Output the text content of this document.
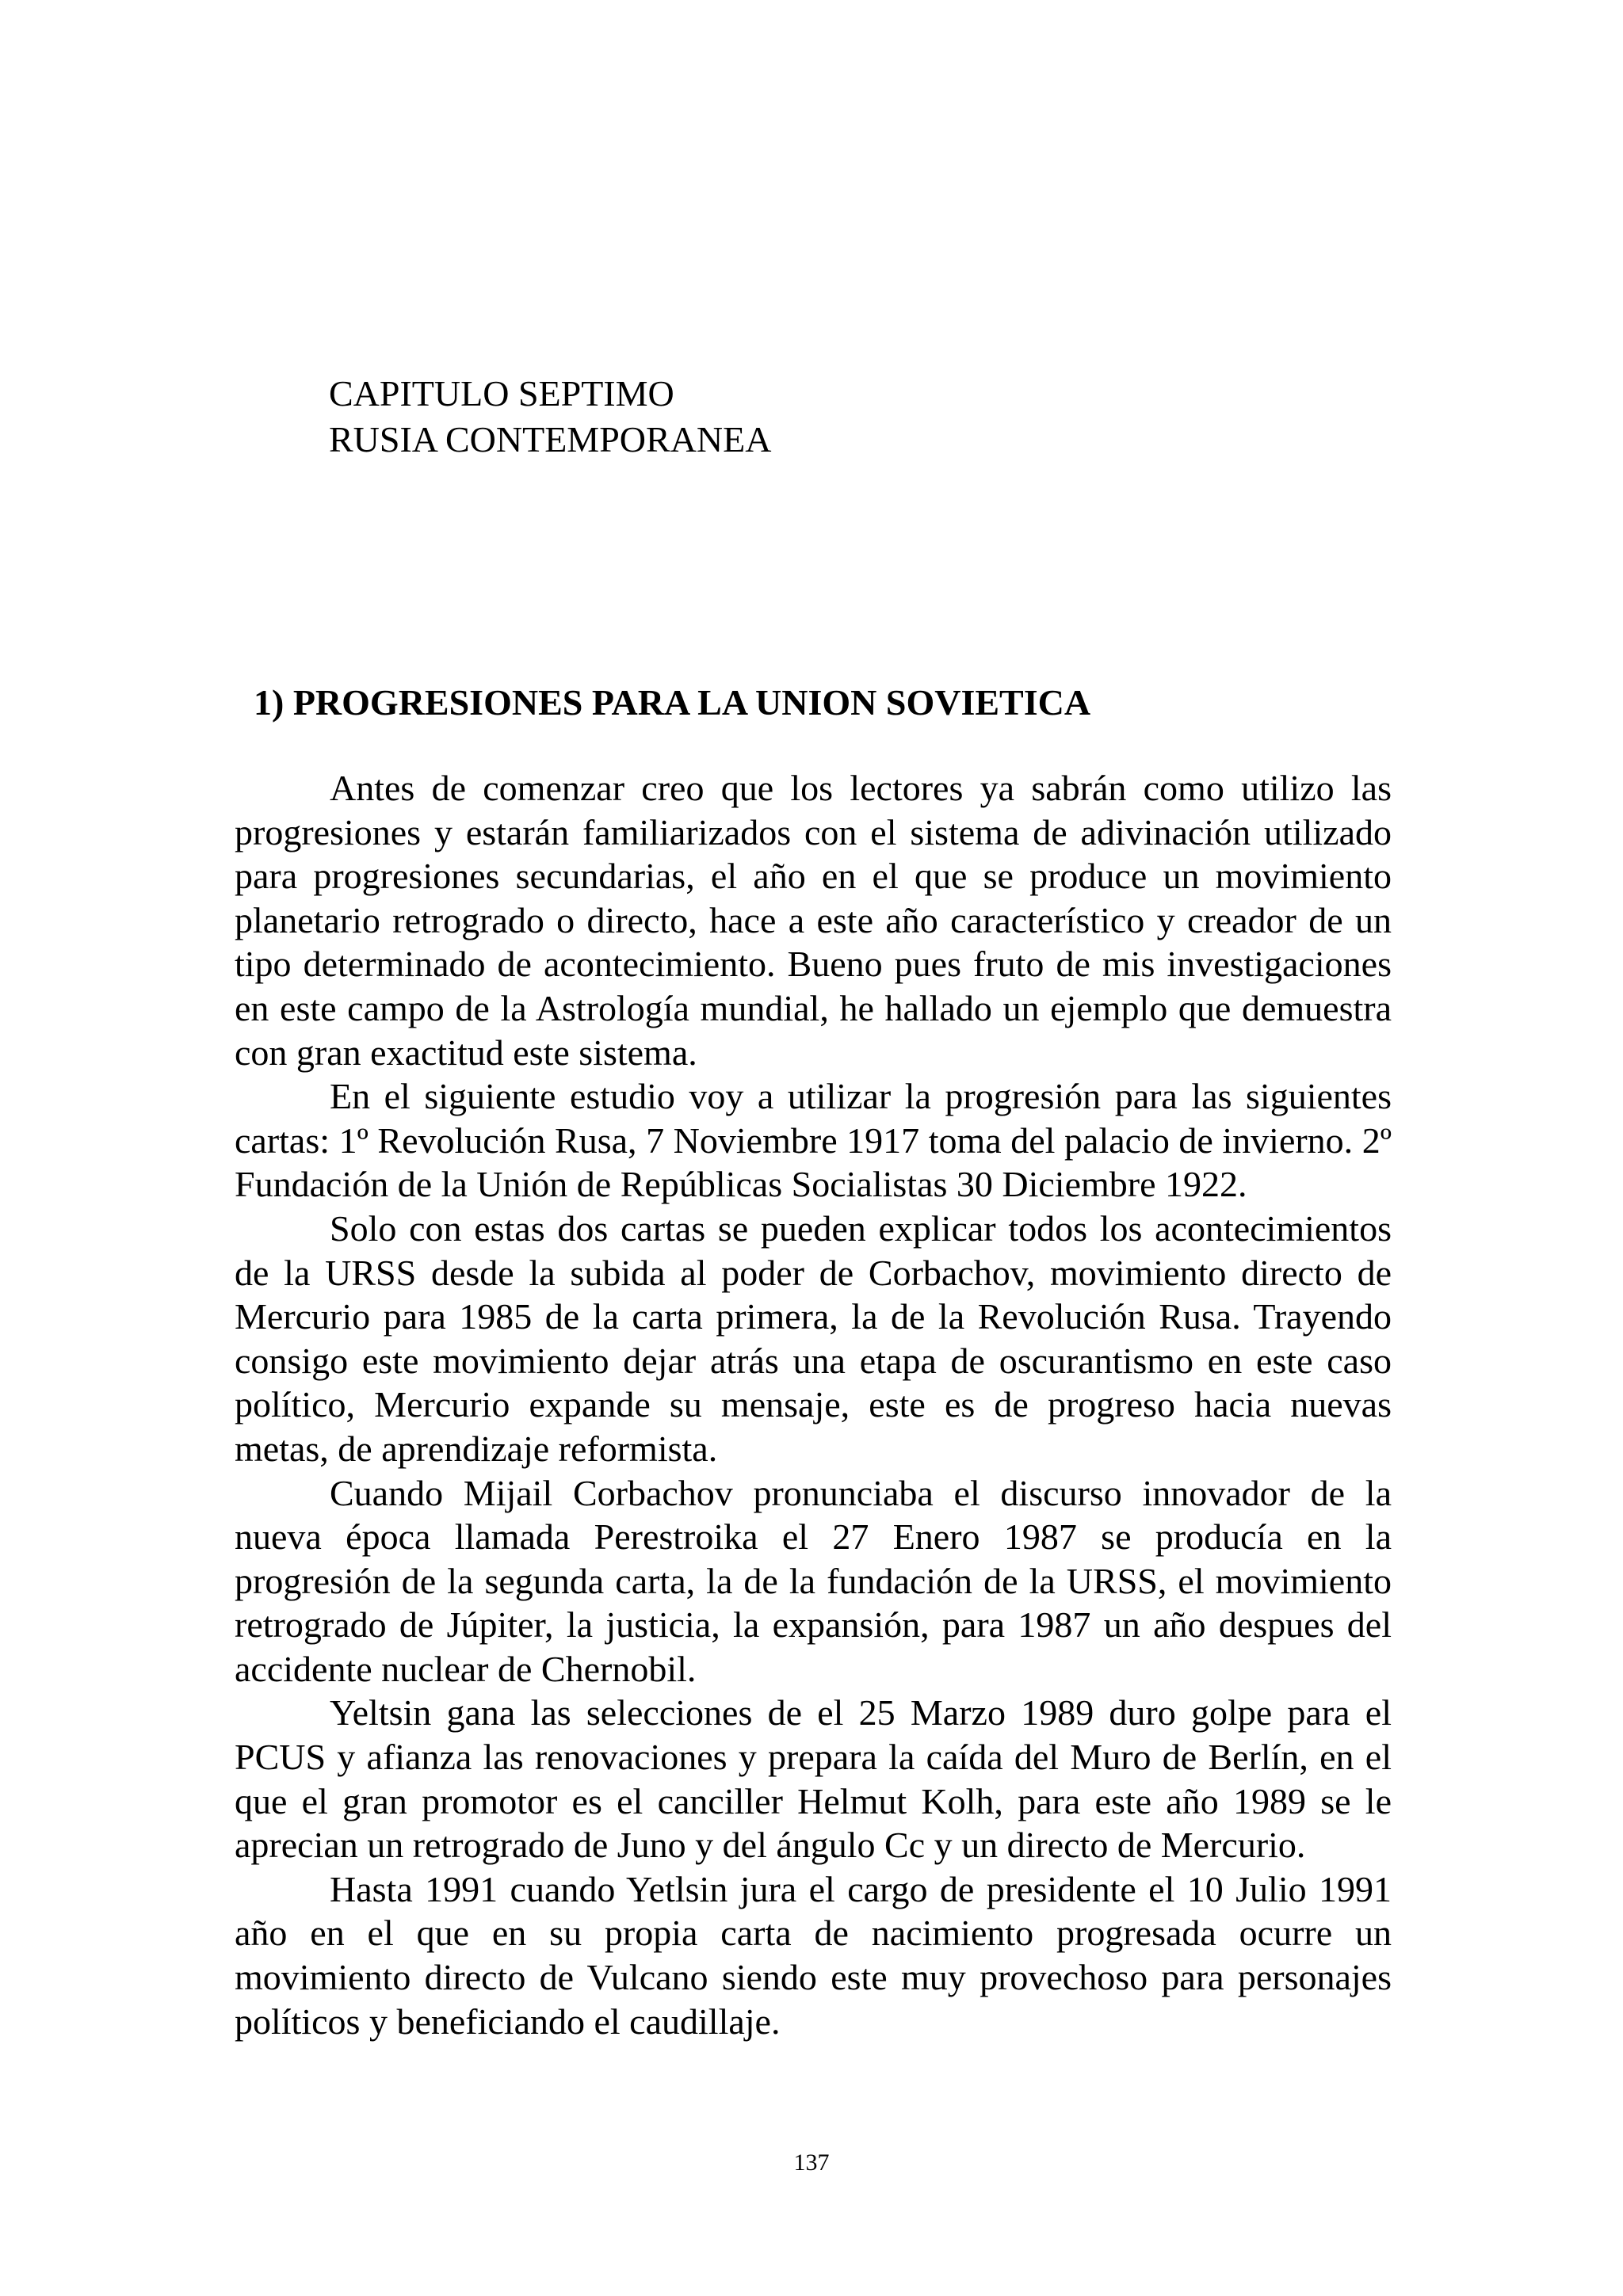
CAPITULO SEPTIMO
RUSIA CONTEMPORANEA
1) PROGRESIONES PARA LA UNION SOVIETICA

Antes de comenzar creo que los lectores ya sabrán como utilizo las progresiones y estarán familiarizados con el sistema de adivinación utilizado para progresiones secundarias, el año en el que se produce un movimiento planetario retrogrado o directo, hace a este año característico y creador de un tipo determinado de acontecimiento. Bueno pues fruto de mis investigaciones en este campo de la Astrología mundial, he hallado un ejemplo que demuestra con gran exactitud este sistema.

En el siguiente estudio voy a utilizar la progresión para las siguientes cartas: 1º Revolución Rusa, 7 Noviembre 1917 toma del palacio de invierno. 2º Fundación de la Unión de Repúblicas Socialistas 30 Diciembre 1922.

Solo con estas dos cartas se pueden explicar todos los acontecimientos de la URSS desde la subida al poder de Corbachov, movimiento directo de Mercurio para 1985 de la carta primera, la de la Revolución Rusa. Trayendo consigo este movimiento dejar atrás una etapa de oscurantismo en este caso político, Mercurio expande su mensaje, este es de progreso hacia nuevas metas, de aprendizaje reformista.

Cuando Mijail Corbachov pronunciaba el discurso innovador de la nueva época llamada Perestroika el 27 Enero 1987 se producía en la progresión de la segunda carta, la de la fundación de la URSS, el movimiento retrogrado de Júpiter, la justicia, la expansión, para 1987 un año despues del accidente nuclear de Chernobil.

Yeltsin gana las selecciones de el 25 Marzo 1989 duro golpe para el PCUS y afianza las renovaciones y prepara la caída del Muro de Berlín, en el que el gran promotor es el canciller Helmut Kolh, para este año 1989 se le aprecian un retrogrado de Juno y del ángulo Cc y un directo de Mercurio.

Hasta 1991 cuando Yetlsin jura el cargo de presidente el 10 Julio 1991 año en el que en su propia carta de nacimiento progresada ocurre un movimiento directo de Vulcano siendo este muy provechoso para personajes políticos y beneficiando el caudillaje.

137
